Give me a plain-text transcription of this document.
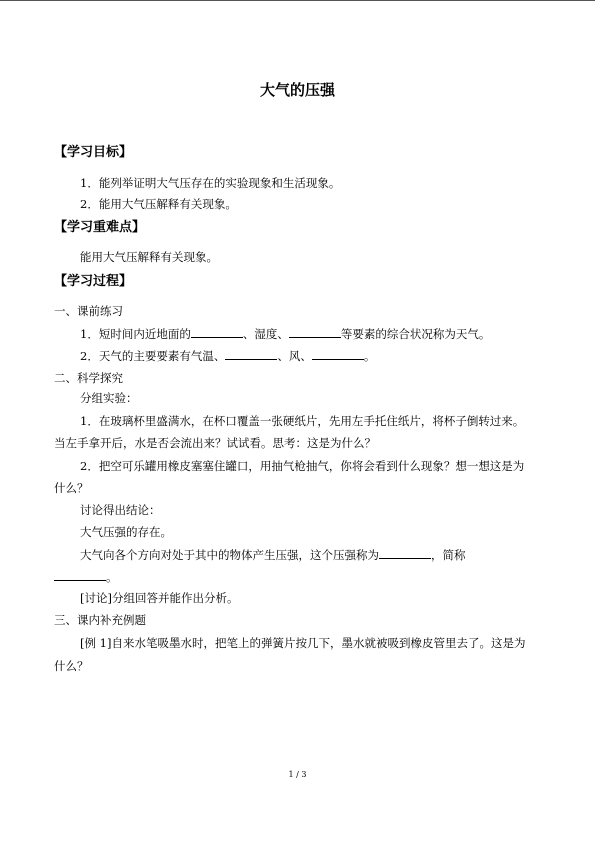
大气的压强
【学习目标】
1．能列举证明大气压存在的实验现象和生活现象。
2．能用大气压解释有关现象。
【学习重难点】
能用大气压解释有关现象。
【学习过程】
一、课前练习
1．短时间内近地面的	、湿度、	等要素的综合状况称为天气。
2．天气的主要要素有气温、	、风、	。
二、科学探究
分组实验：
1．在玻璃杯里盛满水，在杯口覆盖一张硬纸片，先用左手托住纸片，将杯子倒转过来。
当左手拿开后，水是否会流出来？试试看。思考：这是为什么？
2．把空可乐罐用橡皮塞塞住罐口，用抽气枪抽气，你将会看到什么现象？想一想这是为
什么？
讨论得出结论：
大气压强的存在。
大气向各个方向对处于其中的物体产生压强，这个压强称为	，简称
。
[讨论]分组回答并能作出分析。
三、课内补充例题
[例 1]自来水笔吸墨水时，把笔上的弹簧片按几下，墨水就被吸到橡皮管里去了。这是为
什么？
1 / 3
